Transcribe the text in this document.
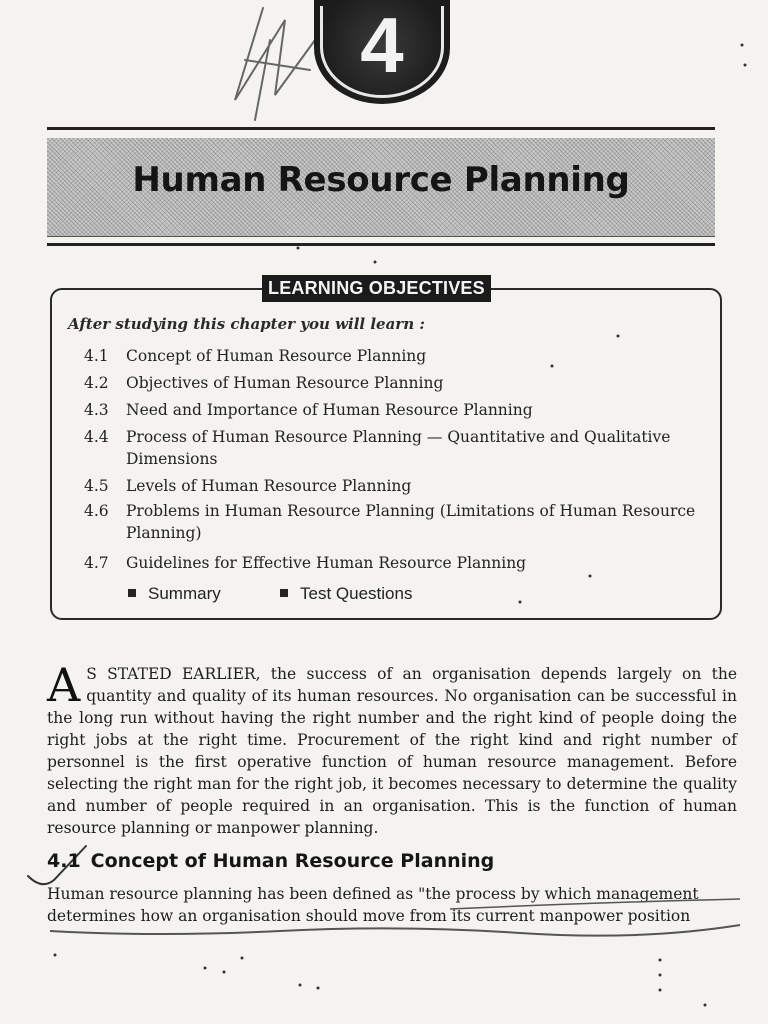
4
Human Resource Planning
LEARNING OBJECTIVES

After studying this chapter you will learn :

4.1	Concept of Human Resource Planning
4.2	Objectives of Human Resource Planning
4.3	Need and Importance of Human Resource Planning
4.4	Process of Human Resource Planning — Quantitative and Qualitative Dimensions
4.5	Levels of Human Resource Planning
4.6	Problems in Human Resource Planning (Limitations of Human Resource Planning)
4.7	Guidelines for Effective Human Resource Planning
Summary	Test Questions

A S STATED EARLIER, the success of an organisation depends largely on the quantity and quality of its human resources. No organisation can be successful in the long run without having the right number and the right kind of people doing the right jobs at the right time. Procurement of the right kind and right number of personnel is the first operative function of human resource management. Before selecting the right man for the right job, it becomes necessary to determine the quality and number of people required in an organisation. This is the function of human resource planning or manpower planning.

4.1 Concept of Human Resource Planning

Human resource planning has been defined as "the process by which management determines how an organisation should move from its current manpower position
